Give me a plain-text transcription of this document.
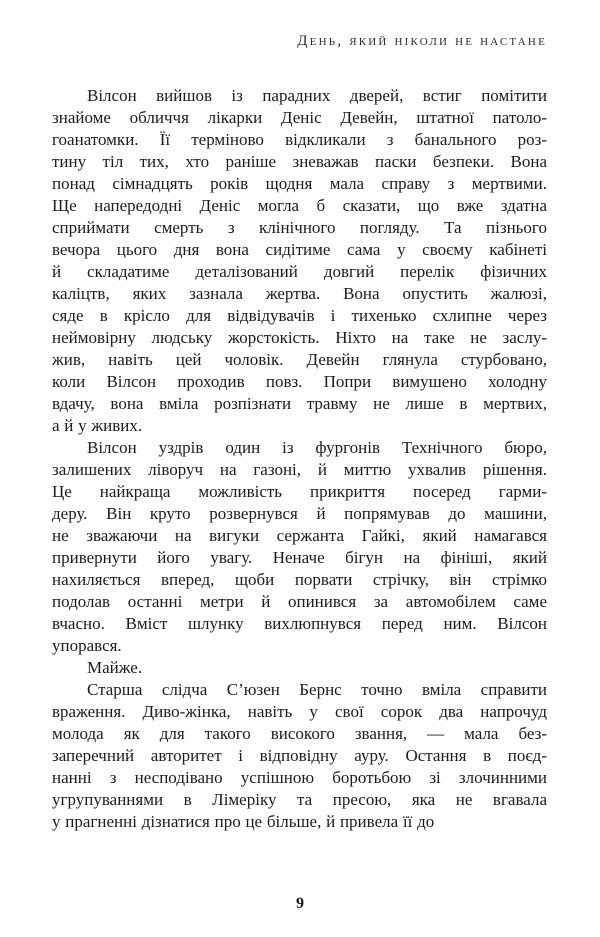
День, який ніколи не настане
Вілсон вийшов із парадних дверей, встиг помітити
знайоме обличчя лікарки Деніс Девейн, штатної патоло-
гоанатомки. Її терміново відкликали з банального роз-
тину тіл тих, хто раніше зневажав паски безпеки. Вона
понад сімнадцять років щодня мала справу з мертвими.
Ще напередодні Деніс могла б сказати, що вже здатна
сприймати смерть з клінічного погляду. Та пізнього
вечора цього дня вона сидітиме сама у своєму кабінеті
й складатиме деталізований довгий перелік фізичних
каліцтв, яких зазнала жертва. Вона опустить жалюзі,
сяде в крісло для відвідувачів і тихенько схлипне через
неймовірну людську жорстокість. Ніхто на таке не заслу-
жив, навіть цей чоловік. Девейн глянула стурбовано,
коли Вілсон проходив повз. Попри вимушено холодну
вдачу, вона вміла розпізнати травму не лише в мертвих,
а й у живих.
Вілсон уздрів один із фургонів Технічного бюро,
залишених ліворуч на газоні, й миттю ухвалив рішення.
Це найкраща можливість прикриття посеред гарми-
деру. Він круто розвернувся й попрямував до машини,
не зважаючи на вигуки сержанта Гайкі, який намагався
привернути його увагу. Неначе бігун на фініші, який
нахиляється вперед, щоби порвати стрічку, він стрімко
подолав останні метри й опинився за автомобілем саме
вчасно. Вміст шлунку вихлюпнувся перед ним. Вілсон
упорався.
Майже.
Старша слідча С’юзен Бернс точно вміла справити
враження. Диво-жінка, навіть у свої сорок два напрочуд
молода як для такого високого звання, — мала без-
заперечний авторитет і відповідну ауру. Остання в поєд-
нанні з несподівано успішною боротьбою зі злочинними
угрупуваннями в Лімеріку та пресою, яка не вгавала
у прагненні дізнатися про це більше, й привела її до
9
